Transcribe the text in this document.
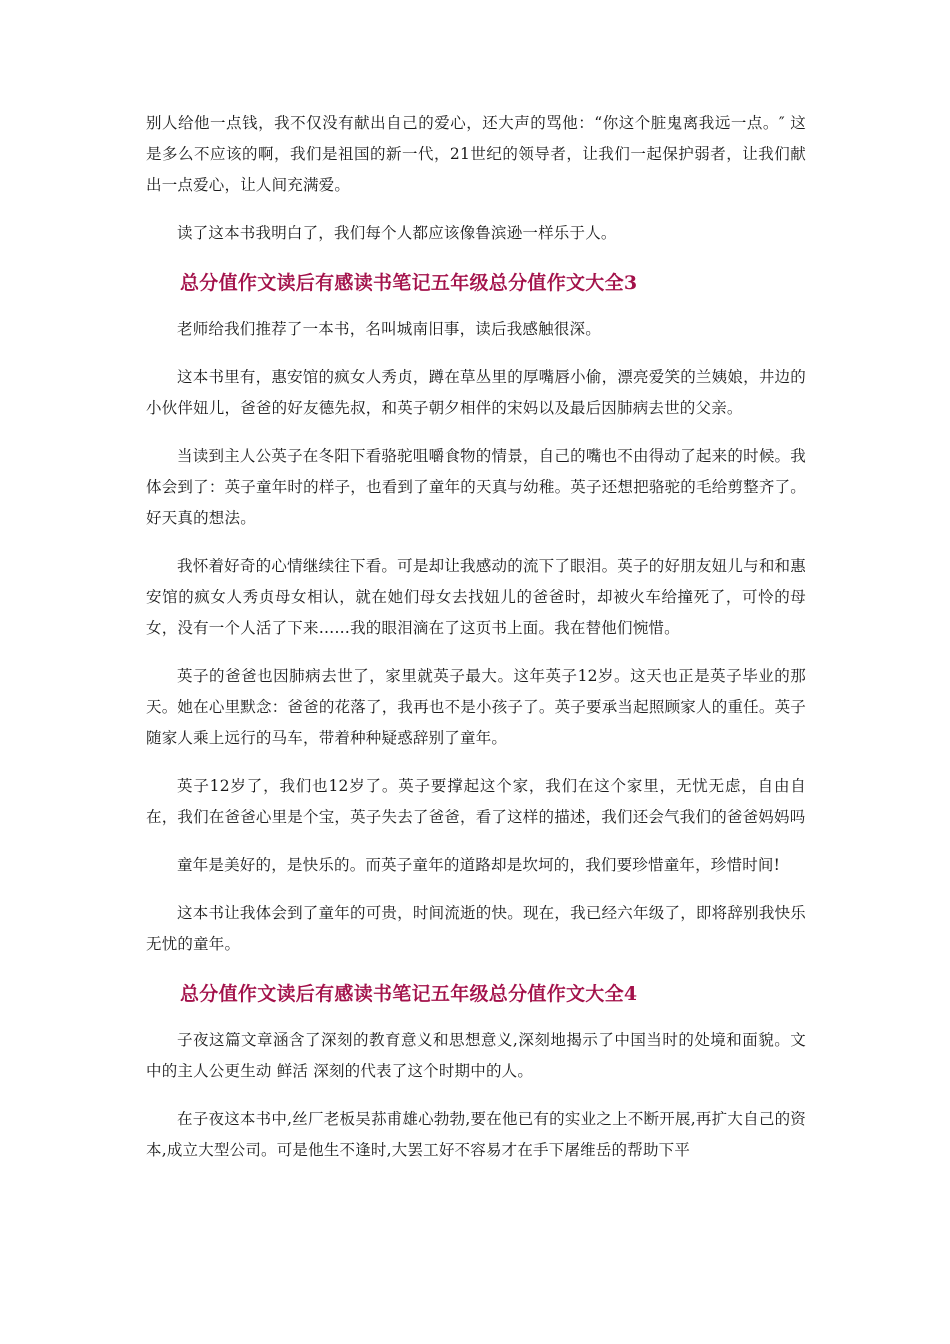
别人给他一点钱，我不仅没有献出自己的爱心，还大声的骂他：“你这个脏鬼离我远一点。″ 这是多么不应该的啊，我们是祖国的新一代，21世纪的领导者，让我们一起保护弱者，让我们献出一点爱心，让人间充满爱。

读了这本书我明白了，我们每个人都应该像鲁滨逊一样乐于人。

总分值作文读后有感读书笔记五年级总分值作文大全3

老师给我们推荐了一本书，名叫城南旧事，读后我感触很深。

这本书里有，惠安馆的疯女人秀贞，蹲在草丛里的厚嘴唇小偷，漂亮爱笑的兰姨娘，井边的小伙伴妞儿，爸爸的好友德先叔，和英子朝夕相伴的宋妈以及最后因肺病去世的父亲。

当读到主人公英子在冬阳下看骆驼咀嚼食物的情景，自己的嘴也不由得动了起来的时候。我体会到了：英子童年时的样子，也看到了童年的天真与幼稚。英子还想把骆驼的毛给剪整齐了。好天真的想法。

我怀着好奇的心情继续往下看。可是却让我感动的流下了眼泪。英子的好朋友妞儿与和和惠安馆的疯女人秀贞母女相认，就在她们母女去找妞儿的爸爸时，却被火车给撞死了，可怜的母女，没有一个人活了下来……我的眼泪滴在了这页书上面。我在替他们惋惜。

英子的爸爸也因肺病去世了，家里就英子最大。这年英子12岁。这天也正是英子毕业的那天。她在心里默念：爸爸的花落了，我再也不是小孩子了。英子要承当起照顾家人的重任。英子随家人乘上远行的马车，带着种种疑惑辞别了童年。

英子12岁了，我们也12岁了。英子要撑起这个家，我们在这个家里，无忧无虑，自由自在，我们在爸爸心里是个宝，英子失去了爸爸，看了这样的描述，我们还会气我们的爸爸妈妈吗

童年是美好的，是快乐的。而英子童年的道路却是坎坷的，我们要珍惜童年，珍惜时间!

这本书让我体会到了童年的可贵，时间流逝的快。现在，我已经六年级了，即将辞别我快乐无忧的童年。

总分值作文读后有感读书笔记五年级总分值作文大全4

子夜这篇文章涵含了深刻的教育意义和思想意义,深刻地揭示了中国当时的处境和面貌。文中的主人公更生动 鲜活 深刻的代表了这个时期中的人。

在子夜这本书中,丝厂老板吴荪甫雄心勃勃,要在他已有的实业之上不断开展,再扩大自己的资本,成立大型公司。可是他生不逢时,大罢工好不容易才在手下屠维岳的帮助下平
